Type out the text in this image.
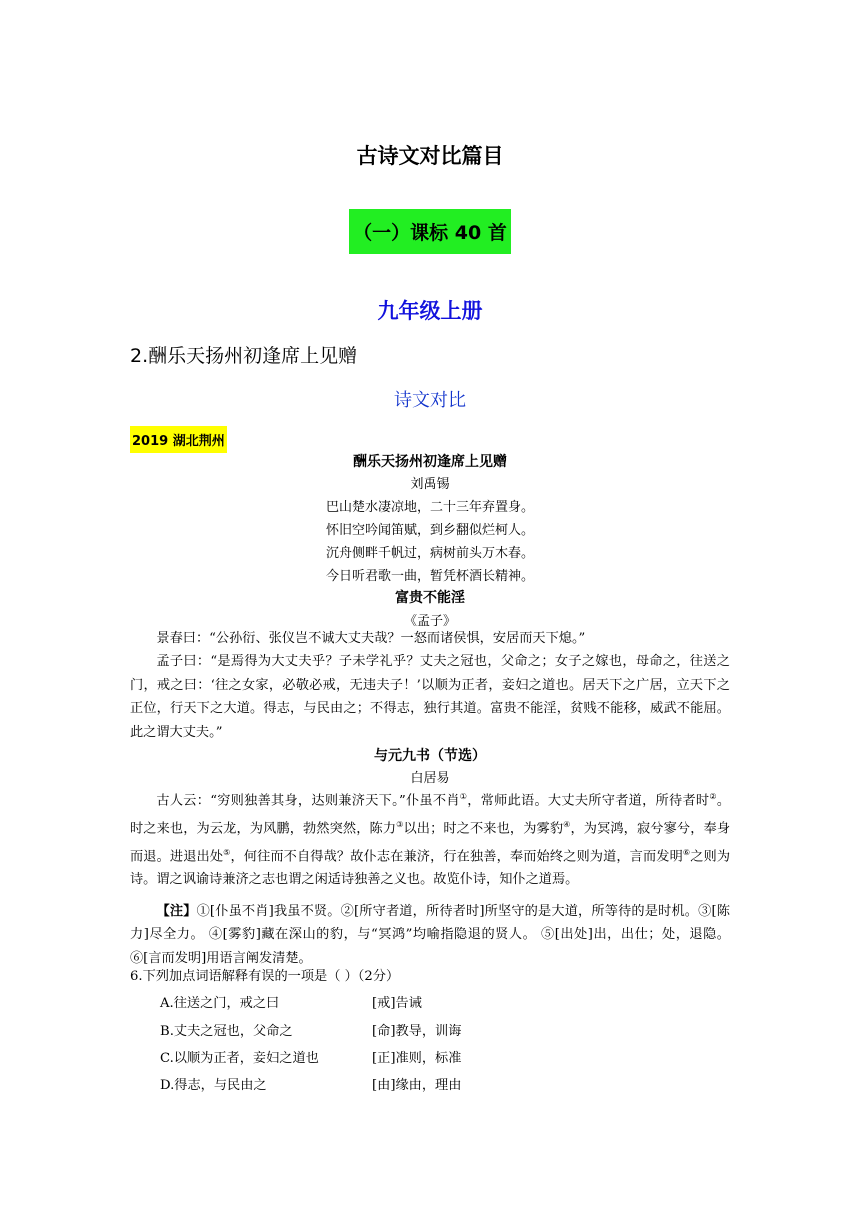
古诗文对比篇目
（一）课标 40 首
九年级上册
2.酬乐天扬州初逢席上见赠
诗文对比
2019 湖北荆州
酬乐天扬州初逢席上见赠
刘禹锡
巴山楚水凄凉地，二十三年弃置身。
怀旧空吟闻笛赋，到乡翻似烂柯人。
沉舟侧畔千帆过，病树前头万木春。
今日听君歌一曲，暂凭杯酒长精神。
富贵不能淫
《孟子》

景春曰：“公孙衍、张仪岂不诚大丈夫哉？一怒而诸侯惧，安居而天下熄。”

孟子曰：“是焉得为大丈夫乎？子未学礼乎？丈夫之冠也，父命之；女子之嫁也，母命之，往送之门，戒之曰：‘往之女家，必敬必戒，无违夫子！’以顺为正者，妾妇之道也。居天下之广居，立天下之正位，行天下之大道。得志，与民由之；不得志，独行其道。富贵不能淫，贫贱不能移，威武不能屈。此之谓大丈夫。”

与元九书（节选）
白居易

古人云：“穷则独善其身，达则兼济天下。”仆虽不肖①，常师此语。大丈夫所守者道，所待者时②。时之来也，为云龙，为风鹏，勃然突然，陈力③以出；时之不来也，为雾豹④，为冥鸿，寂兮寥兮，奉身而退。进退出处⑤，何往而不自得哉？故仆志在兼济，行在独善，奉而始终之则为道，言而发明⑥之则为诗。谓之讽谕诗兼济之志也谓之闲适诗独善之义也。故览仆诗，知仆之道焉。

【注】①[仆虽不肖]我虽不贤。②[所守者道，所待者时]所坚守的是大道，所等待的是时机。③[陈力]尽全力。 ④[雾豹]藏在深山的豹，与“冥鸿”均喻指隐退的贤人。 ⑤[出处]出，出仕；处，退隐。⑥[言而发明]用语言阐发清楚。
6.下列加点词语解释有误的一项是（ ）（2分）
A.往送之门，戒之曰	[戒]告诫
B.丈夫之冠也，父命之	[命]教导，训诲
C.以顺为正者，妾妇之道也	[正]准则，标准
D.得志，与民由之	[由]缘由，理由
